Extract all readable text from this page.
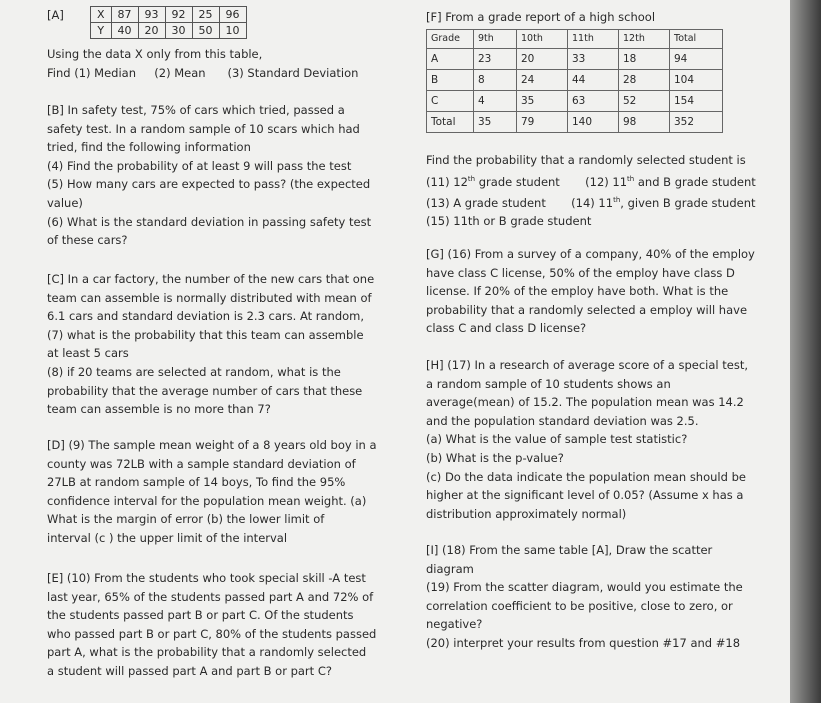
[A]	X	87	93	92	25	96
Y	40	20	30	50	10

Using the data X only from this table,

Find (1) Median     (2) Mean      (3) Standard Deviation

[B] In safety test, 75% of cars which tried, passed a

safety test. In a random sample of 10 scars which had

tried, find the following information

(4) Find the probability of at least 9 will pass the test

(5) How many cars are expected to pass? (the expected

value)

(6) What is the standard deviation in passing safety test

of these cars?

[C] In a car factory, the number of the new cars that one

team can assemble is normally distributed with mean of

6.1 cars and standard deviation is 2.3 cars. At random,

(7) what is the probability that this team can assemble

at least 5 cars

(8) if 20 teams are selected at random, what is the

probability that the average number of cars that these

team can assemble is no more than 7?

[D] (9) The sample mean weight of a 8 years old boy in a

county was 72LB with a sample standard deviation of

27LB at random sample of 14 boys, To find the 95%

confidence interval for the population mean weight. (a)

What is the margin of error (b) the lower limit of

interval (c ) the upper limit of the interval

[E] (10) From the students who took special skill -A test

last year, 65% of the students passed part A and 72% of

the students passed part B or part C. Of the students

who passed part B or part C, 80% of the students passed

part A, what is the probability that a randomly selected

a student will passed part A and part B or part C?

[F] From a grade report of a high school

Grade	9th	10th	11th	12th	Total
A	23	20	33	18	94
B	8	24	44	28	104
C	4	35	63	52	154
Total	35	79	140	98	352

Find the probability that a randomly selected student is

(11) 12th grade student (12) 11th and B grade student

(13) A grade student (14) 11th, given B grade student

(15) 11th or B grade student

[G] (16) From a survey of a company, 40% of the employ

have class C license, 50% of the employ have class D

license. If 20% of the employ have both. What is the

probability that a randomly selected a employ will have

class C and class D license?

[H] (17) In a research of average score of a special test,

a random sample of 10 students shows an

average(mean) of 15.2. The population mean was 14.2

and the population standard deviation was 2.5.

(a) What is the value of sample test statistic?

(b) What is the p-value?

(c) Do the data indicate the population mean should be

higher at the significant level of 0.05? (Assume x has a

distribution approximately normal)

[I] (18) From the same table [A], Draw the scatter

diagram

(19) From the scatter diagram, would you estimate the

correlation coefficient to be positive, close to zero, or

negative?

(20) interpret your results from question #17 and #18
